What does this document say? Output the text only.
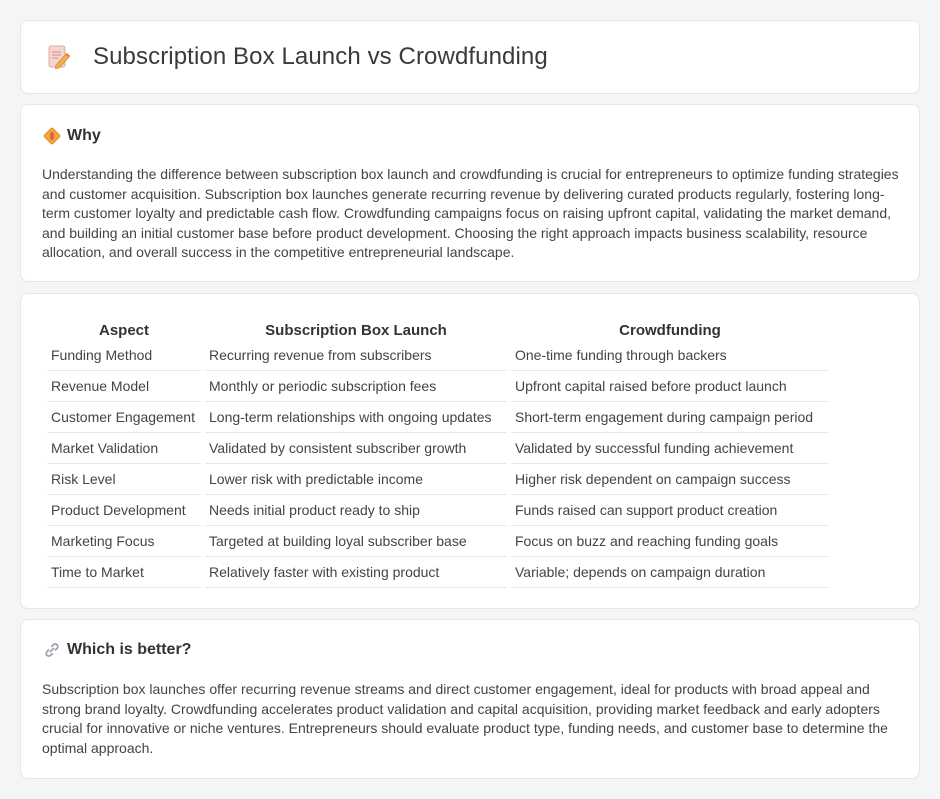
Subscription Box Launch vs Crowdfunding
Why

Understanding the difference between subscription box launch and crowdfunding is crucial for entrepreneurs to optimize funding strategies and customer acquisition. Subscription box launches generate recurring revenue by delivering curated products regularly, fostering long-term customer loyalty and predictable cash flow. Crowdfunding campaigns focus on raising upfront capital, validating the market demand, and building an initial customer base before product development. Choosing the right approach impacts business scalability, resource allocation, and overall success in the competitive entrepreneurial landscape.

Aspect	Subscription Box Launch	Crowdfunding
Funding Method	Recurring revenue from subscribers	One-time funding through backers
Revenue Model	Monthly or periodic subscription fees	Upfront capital raised before product launch
Customer Engagement	Long-term relationships with ongoing updates	Short-term engagement during campaign period
Market Validation	Validated by consistent subscriber growth	Validated by successful funding achievement
Risk Level	Lower risk with predictable income	Higher risk dependent on campaign success
Product Development	Needs initial product ready to ship	Funds raised can support product creation
Marketing Focus	Targeted at building loyal subscriber base	Focus on buzz and reaching funding goals
Time to Market	Relatively faster with existing product	Variable; depends on campaign duration
Which is better?

Subscription box launches offer recurring revenue streams and direct customer engagement, ideal for products with broad appeal and strong brand loyalty. Crowdfunding accelerates product validation and capital acquisition, providing market feedback and early adopters crucial for innovative or niche ventures. Entrepreneurs should evaluate product type, funding needs, and customer base to determine the optimal approach.
